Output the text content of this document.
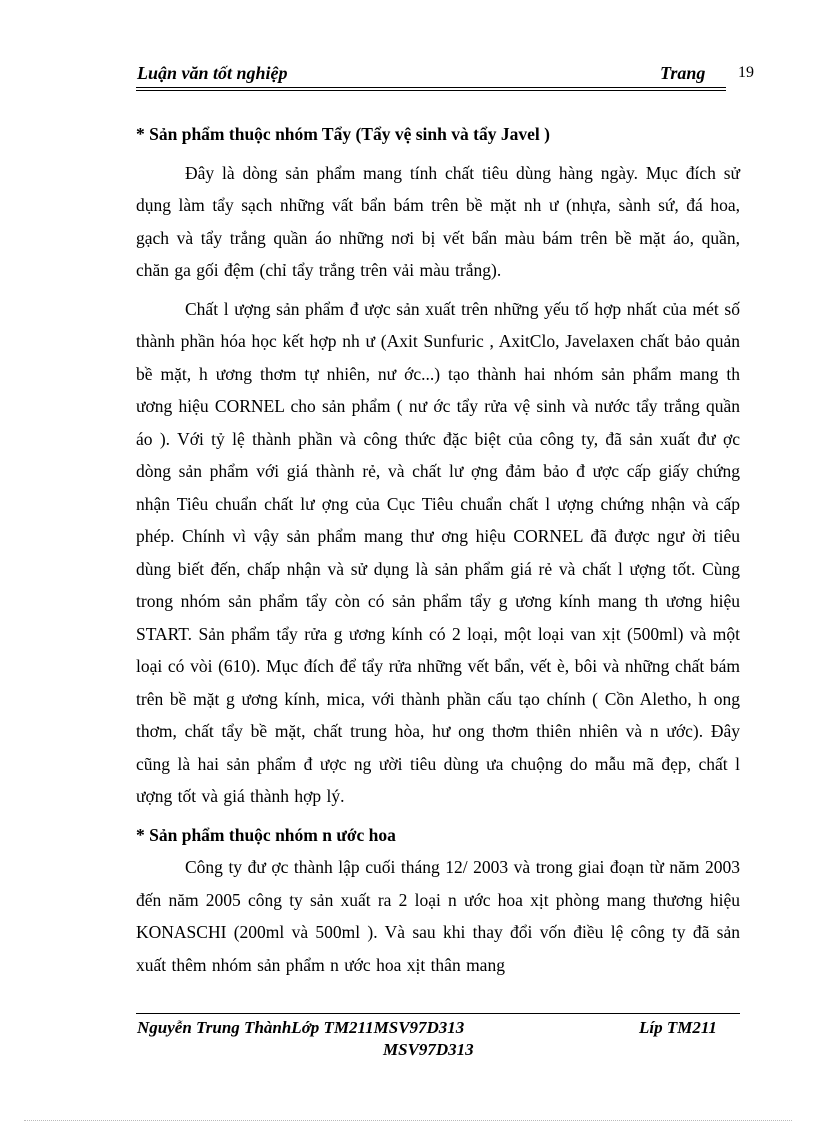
Luận văn tốt nghiệp	Trang 19

* Sản phẩm thuộc nhóm Tẩy (Tẩy vệ sinh và tẩy Javel )

Đây là dòng sản phẩm mang tính chất tiêu dùng hàng ngày. Mục đích sử dụng làm tẩy sạch những vất bẩn bám trên bề mặt nh ư (nhựa, sành sứ, đá hoa, gạch và tẩy trắng quần áo những nơi bị vết bẩn màu bám trên bề mặt áo, quần, chăn ga gối đệm (chỉ tẩy trắng trên vải màu trắng).

Chất l ượng sản phẩm đ ược sản xuất trên những yếu tố hợp nhất của mét số thành phần hóa học kết hợp nh ư (Axit Sunfuric , AxitClo, Javelaxen chất bảo quản bề mặt, h ương thơm tự nhiên, nư ớc...) tạo thành hai nhóm sản phẩm mang th ương hiệu CORNEL cho sản phẩm ( nư ớc tẩy rửa vệ sinh và nước tẩy trắng quần áo ). Với tỷ lệ thành phần và công thức đặc biệt của công ty, đã sản xuất đư ợc dòng sản phẩm với giá thành rẻ, và chất lư ợng đảm bảo đ ược cấp giấy chứng nhận Tiêu chuẩn chất lư ợng của Cục Tiêu chuẩn chất l ượng chứng nhận và cấp phép. Chính vì vậy sản phẩm mang thư ơng hiệu CORNEL đã được ngư ời tiêu dùng biết đến, chấp nhận và sử dụng là sản phẩm giá rẻ và chất l ượng tốt. Cùng trong nhóm sản phẩm tẩy còn có sản phẩm tẩy g ương kính mang th ương hiệu START. Sản phẩm tẩy rửa g ương kính có 2 loại, một loại van xịt (500ml) và một loại có vòi (610). Mục đích để tẩy rửa những vết bẩn, vết è, bôi và những chất bám trên bề mặt g ương kính, mica, với thành phần cấu tạo chính ( Cồn Aletho, h ong thơm, chất tẩy bề mặt, chất trung hòa, hư ong thơm thiên nhiên và n ước). Đây cũng là hai sản phẩm đ ược ng ười tiêu dùng ưa chuộng do mẫu mã đẹp, chất l ượng tốt và giá thành hợp lý.

* Sản phẩm thuộc nhóm n ước hoa

Công ty đư ợc thành lập cuối tháng 12/ 2003 và trong giai đoạn từ năm 2003 đến năm 2005 công ty sản xuất ra 2 loại n ước hoa xịt phòng mang thương hiệu KONASCHI (200ml và 500ml ). Và sau khi thay đổi vốn điều lệ công ty đã sản xuất thêm nhóm sản phẩm n ước hoa xịt thân mang

Nguyễn Trung ThànhLớp TM211MSV97D313	Líp TM211
MSV97D313
